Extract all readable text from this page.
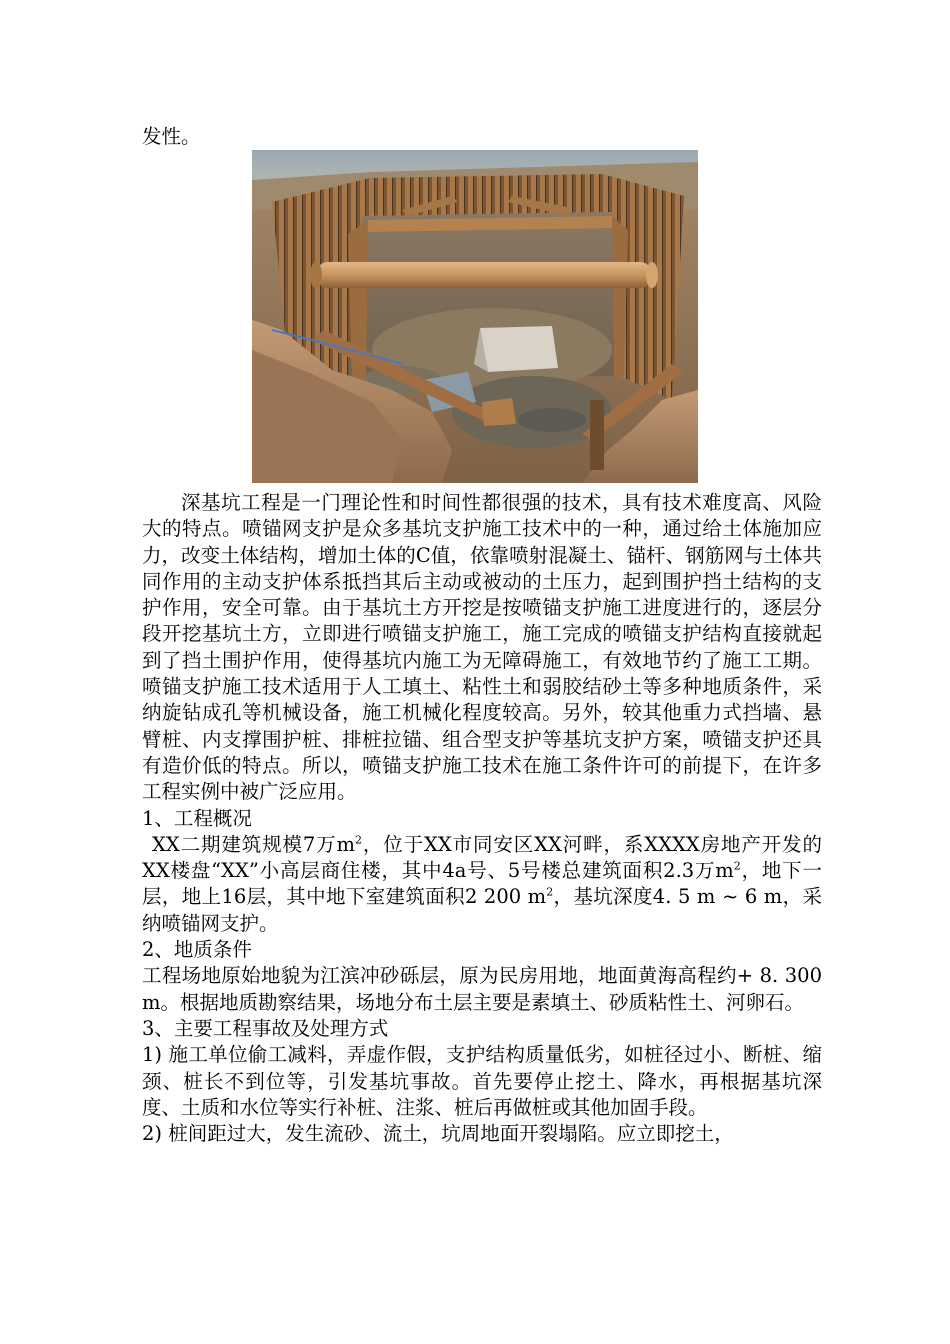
发性。

深基坑工程是一门理论性和时间性都很强的技术，具有技术难度高、风险大的特点。喷锚网支护是众多基坑支护施工技术中的一种，通过给土体施加应力，改变土体结构，增加土体的C值，依靠喷射混凝土、锚杆、钢筋网与土体共同作用的主动支护体系抵挡其后主动或被动的土压力，起到围护挡土结构的支护作用，安全可靠。由于基坑土方开挖是按喷锚支护施工进度进行的，逐层分段开挖基坑土方，立即进行喷锚支护施工，施工完成的喷锚支护结构直接就起到了挡土围护作用，使得基坑内施工为无障碍施工，有效地节约了施工工期。喷锚支护施工技术适用于人工填土、粘性土和弱胶结砂土等多种地质条件，采纳旋钻成孔等机械设备，施工机械化程度较高。另外，较其他重力式挡墙、悬臂桩、内支撑围护桩、排桩拉锚、组合型支护等基坑支护方案，喷锚支护还具有造价低的特点。所以，喷锚支护施工技术在施工条件许可的前提下，在许多工程实例中被广泛应用。

1、工程概况

XX二期建筑规模7万$m^2$，位于XX市同安区XX河畔，系XXXX房地产开发的XX楼盘“XX”小高层商住楼，其中4a号、5号楼总建筑面积2.3万$m^2$，地下一层，地上16层，其中地下室建筑面积2 200 $m^2$，基坑深度4. 5 m ~ 6 m，采纳喷锚网支护。

2、地质条件

工程场地原始地貌为江滨冲砂砾层，原为民房用地，地面黄海高程约+ 8. 300 m。根据地质勘察结果，场地分布土层主要是素填土、砂质粘性土、河卵石。

3、主要工程事故及处理方式

1) 施工单位偷工减料，弄虚作假，支护结构质量低劣，如桩径过小、断桩、缩颈、桩长不到位等，引发基坑事故。首先要停止挖土、降水，再根据基坑深度、土质和水位等实行补桩、注浆、桩后再做桩或其他加固手段。

2) 桩间距过大，发生流砂、流土，坑周地面开裂塌陷。应立即挖土，
